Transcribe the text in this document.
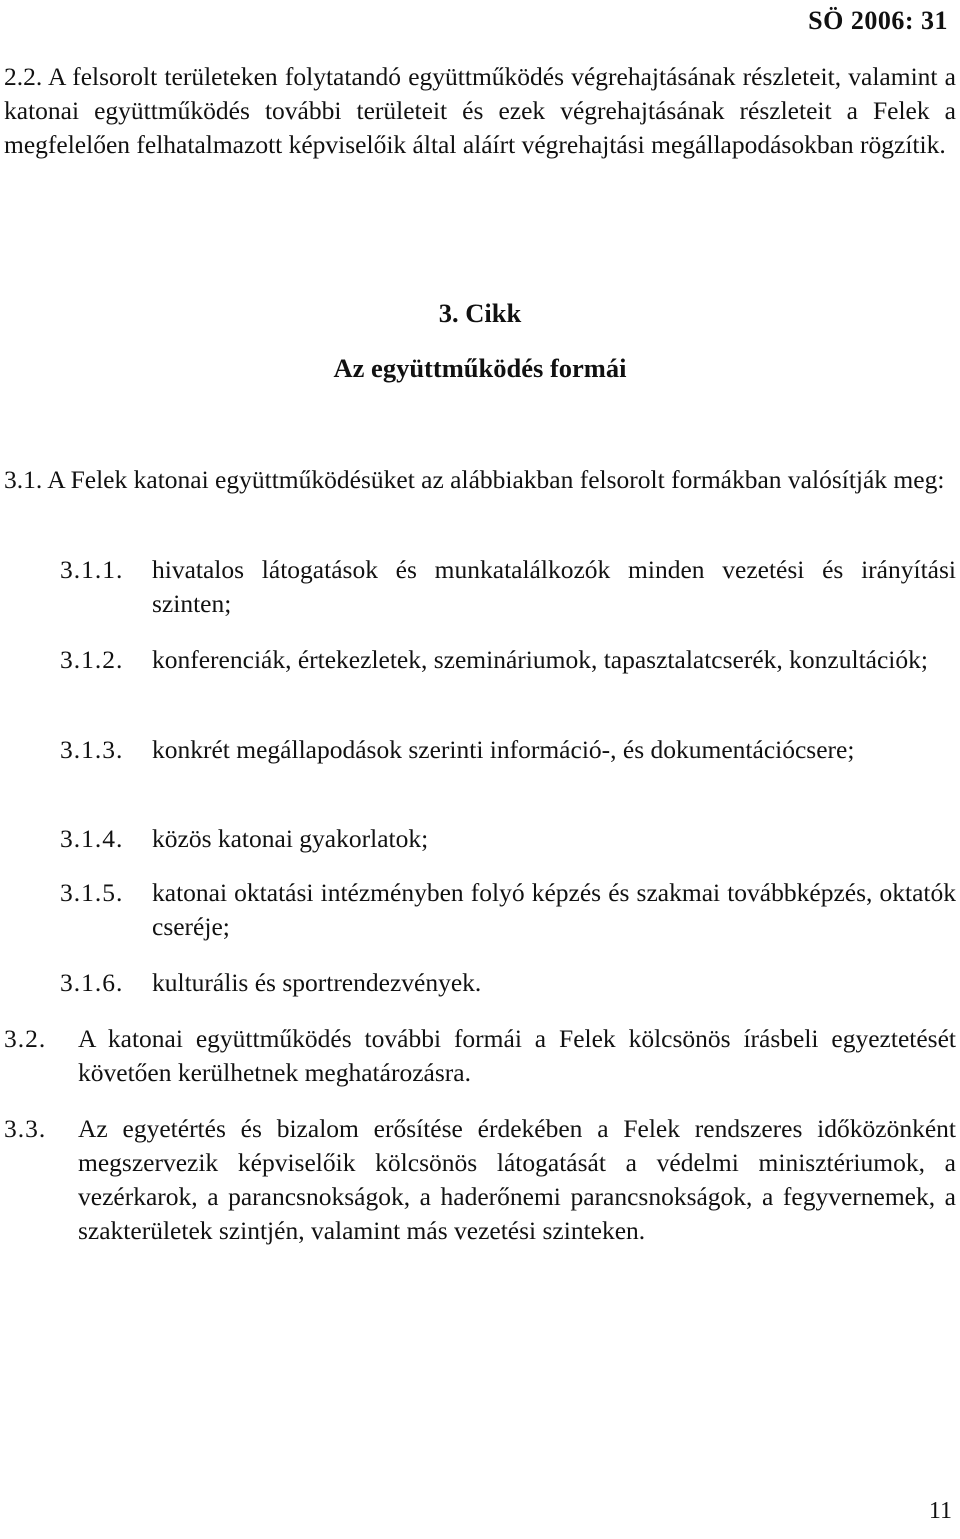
SÖ 2006: 31
2.2. A felsorolt területeken folytatandó együttműködés végrehajtásának részleteit, valamint a katonai együttműködés további területeit és ezek végrehajtásának részleteit a Felek a megfelelően felhatalmazott képviselőik által aláírt végrehajtási megállapodásokban rögzítik.
3. Cikk
Az együttműködés formái
3.1. A Felek katonai együttműködésüket az alábbiakban felsorolt formákban valósítják meg:
3.1.1.	hivatalos látogatások és munkatalálkozók minden vezetési és irányítási szinten;
3.1.2.	konferenciák, értekezletek, szemináriumok, tapasztalatcserék, konzultációk;
3.1.3.	konkrét megállapodások szerinti információ-, és dokumentációcsere;
3.1.4.	közös katonai gyakorlatok;
3.1.5.	katonai oktatási intézményben folyó képzés és szakmai továbbképzés, oktatók cseréje;
3.1.6.	kulturális és sportrendezvények.
3.2.	A katonai együttműködés további formái a Felek kölcsönös írásbeli egyeztetését követően kerülhetnek meghatározásra.
3.3.	Az egyetértés és bizalom erősítése érdekében a Felek rendszeres időközönként megszervezik képviselőik kölcsönös látogatását a védelmi minisztériumok, a vezérkarok, a parancsnokságok, a haderőnemi parancsnokságok, a fegyvernemek, a szakterületek szintjén, valamint más vezetési szinteken.
11
